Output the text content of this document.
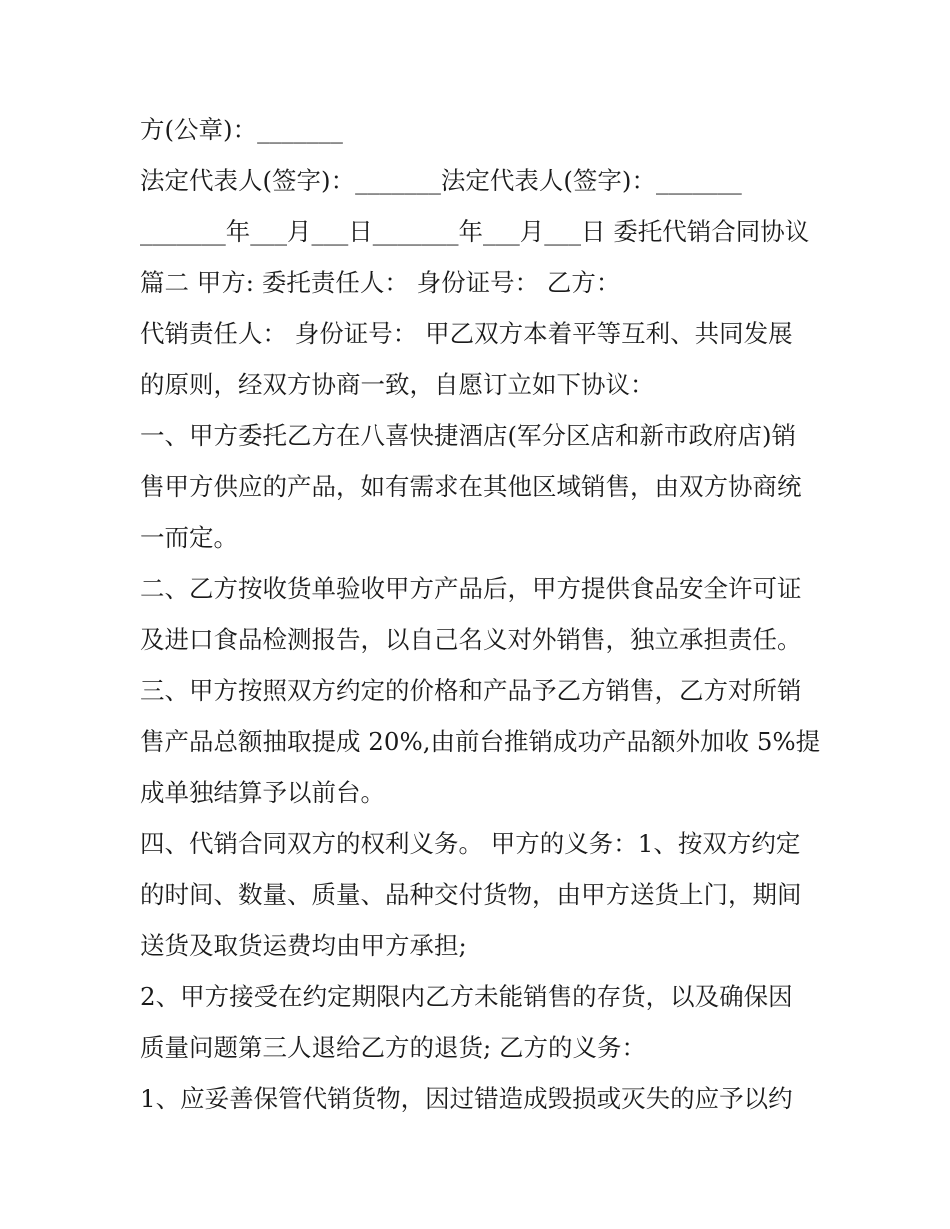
方(公章)：_______
法定代表人(签字)：_______法定代表人(签字)：_______
_______年___月___日_______年___月___日 委托代销合同协议
篇二 甲方: 委托责任人： 身份证号： 乙方：
代销责任人： 身份证号： 甲乙双方本着平等互利、共同发展
的原则，经双方协商一致，自愿订立如下协议：
一、甲方委托乙方在八喜快捷酒店(军分区店和新市政府店)销
售甲方供应的产品，如有需求在其他区域销售，由双方协商统
一而定。
二、乙方按收货单验收甲方产品后，甲方提供食品安全许可证
及进口食品检测报告，以自己名义对外销售，独立承担责任。
三、甲方按照双方约定的价格和产品予乙方销售，乙方对所销
售产品总额抽取提成 20%,由前台推销成功产品额外加收 5%提
成单独结算予以前台。
四、代销合同双方的权利义务。 甲方的义务：1、按双方约定
的时间、数量、质量、品种交付货物，由甲方送货上门，期间
送货及取货运费均由甲方承担;
2、甲方接受在约定期限内乙方未能销售的存货，以及确保因
质量问题第三人退给乙方的退货; 乙方的义务：
1、应妥善保管代销货物，因过错造成毁损或灭失的应予以约
